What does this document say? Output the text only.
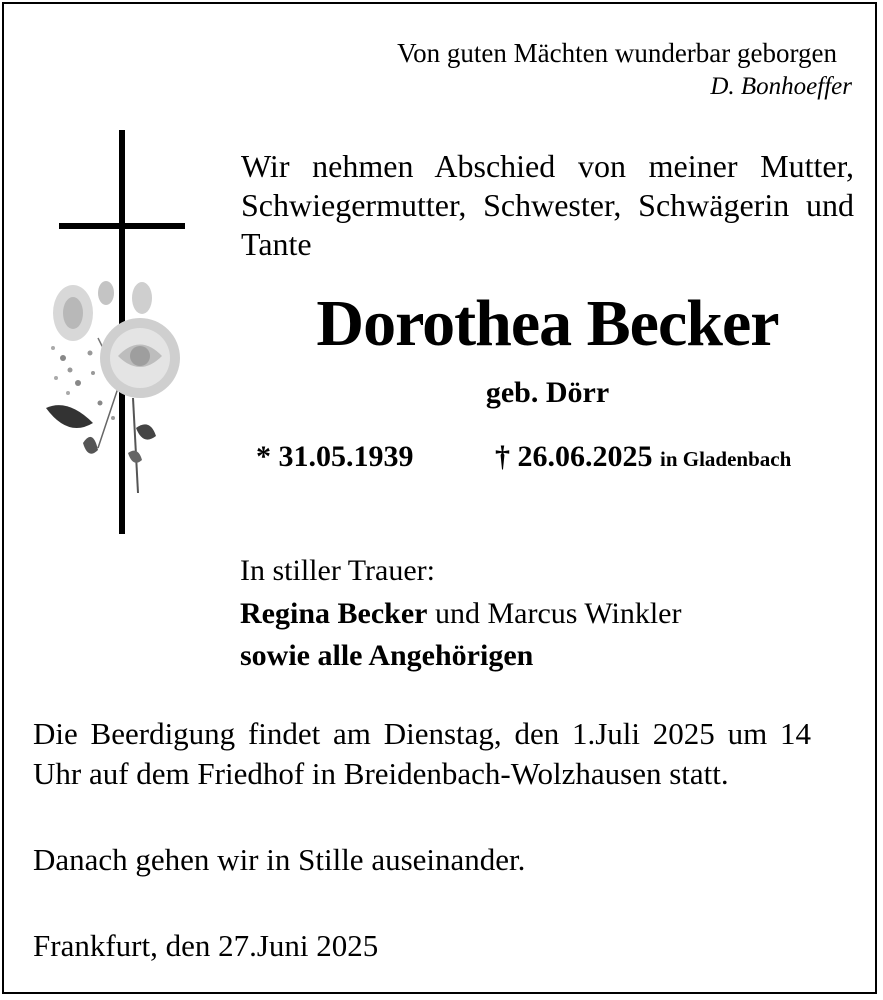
Von guten Mächten wunderbar geborgen
D. Bonhoeffer
Wir nehmen Abschied von meiner Mutter, Schwiegermutter, Schwester, Schwägerin und Tante
Dorothea Becker
geb. Dörr
* 31.05.1939	† 26.06.2025 in Gladenbach
In stiller Trauer:
Regina Becker und Marcus Winkler
sowie alle Angehörigen
Die Beerdigung findet am Dienstag, den 1.Juli 2025 um 14 Uhr auf dem Friedhof in Breidenbach-Wolzhausen statt.
Danach gehen wir in Stille auseinander.
Frankfurt, den 27.Juni 2025
